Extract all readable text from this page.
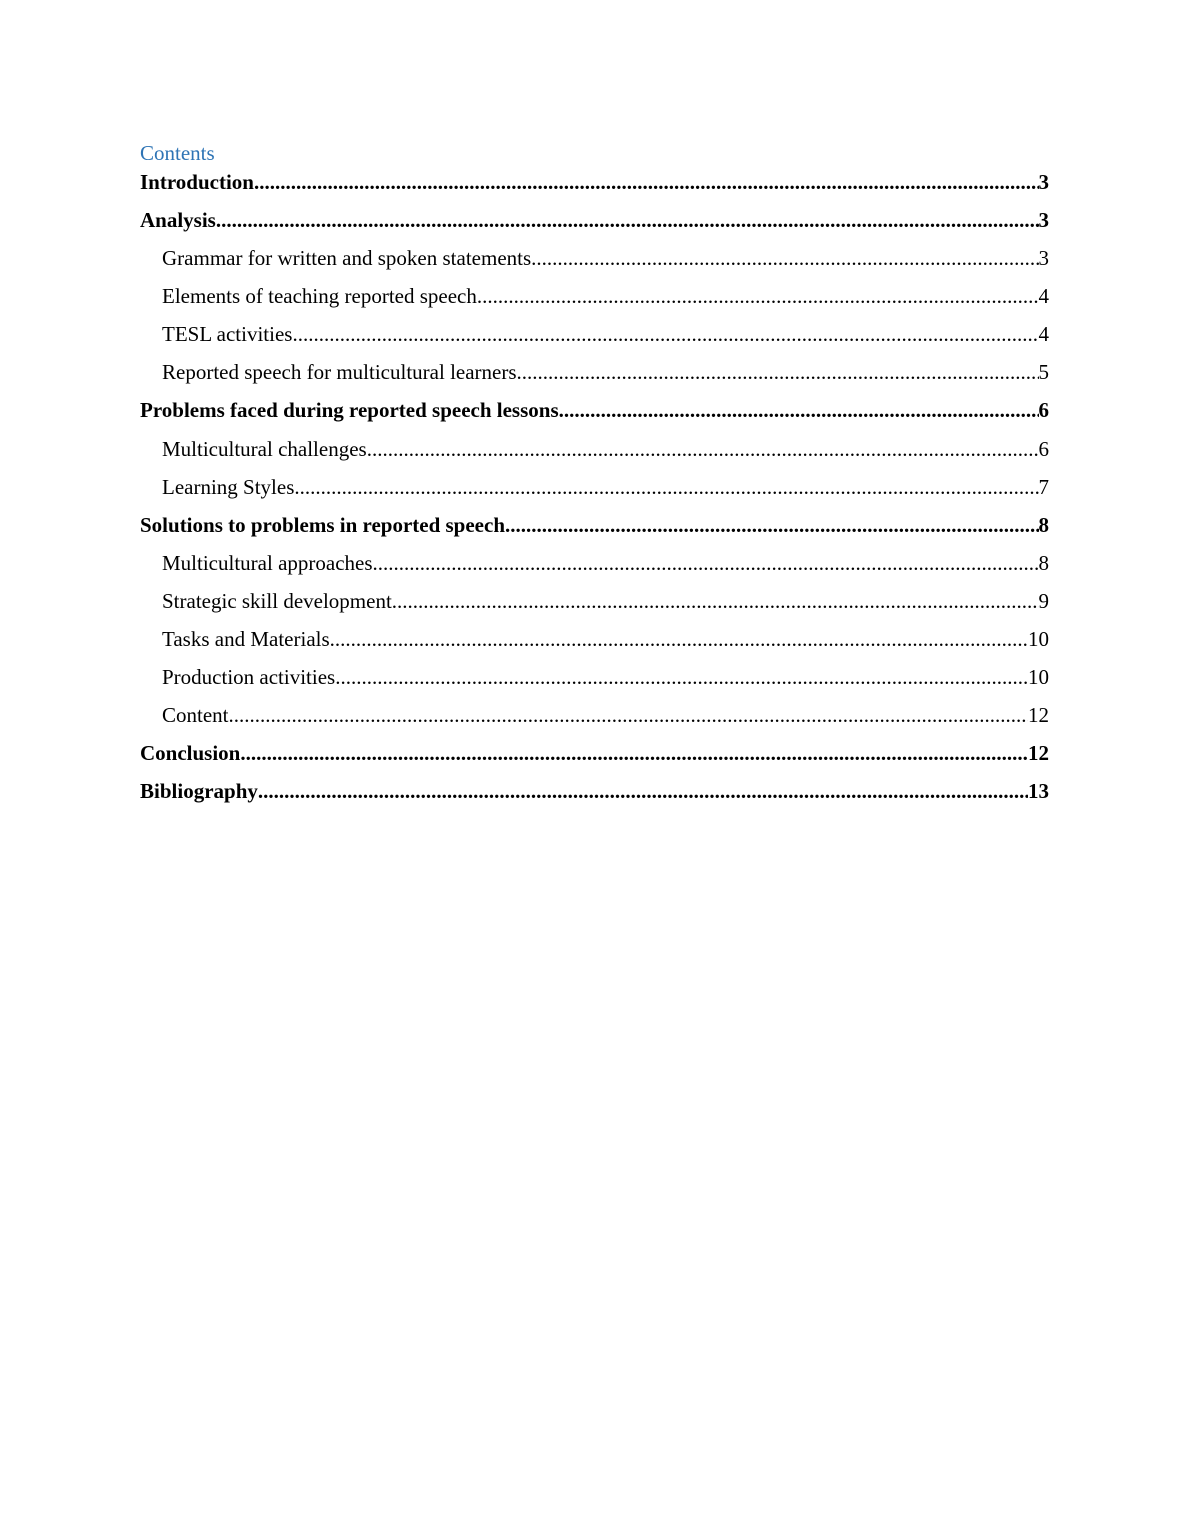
Contents
Introduction .....	3
Analysis .....	3
Grammar for written and spoken statements .....	3
Elements of teaching reported speech .....	4
TESL activities .....	4
Reported speech for multicultural learners .....	5
Problems faced during reported speech lessons .....	6
Multicultural challenges .....	6
Learning Styles .....	7
Solutions to problems in reported speech .....	8
Multicultural approaches .....	8
Strategic skill development .....	9
Tasks and Materials .....	10
Production activities .....	10
Content .....	12
Conclusion .....	12
Bibliography .....	13
